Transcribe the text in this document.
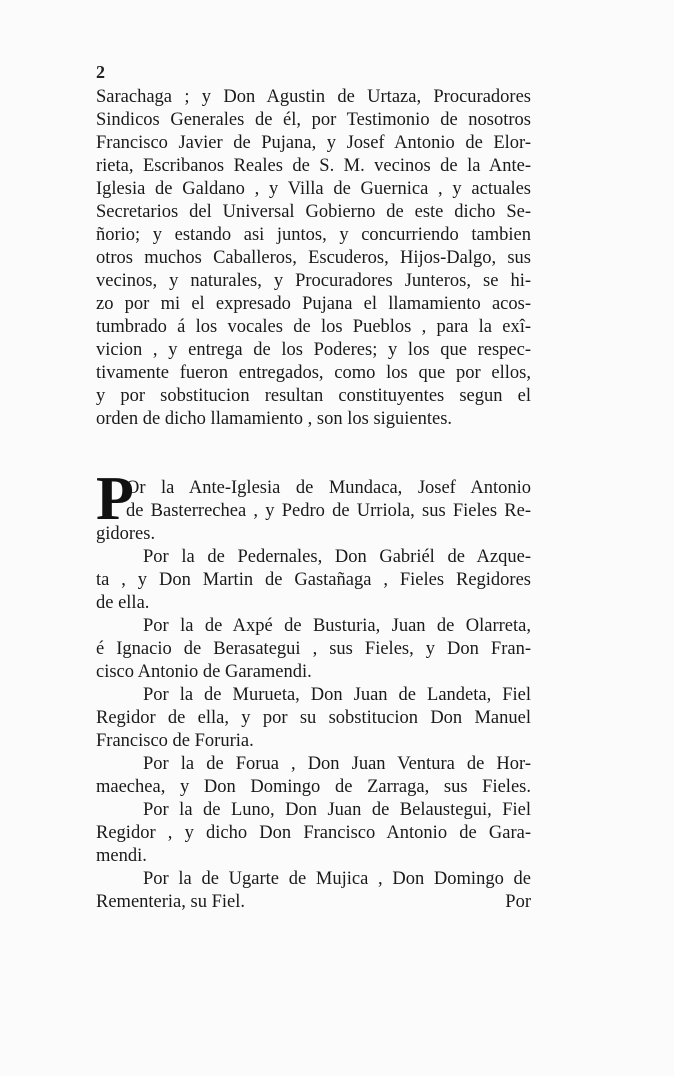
2
Sarachaga ; y Don Agustin de Urtaza, Procuradores
Sindicos Generales de él, por Testimonio de nosotros
Francisco Javier de Pujana, y Josef Antonio de Elor-
rieta, Escribanos Reales de S. M. vecinos de la Ante-
Iglesia de Galdano , y Villa de Guernica , y actuales
Secretarios del Universal Gobierno de este dicho Se-
ñorio; y estando asi juntos, y concurriendo tambien
otros muchos Caballeros, Escuderos, Hijos-Dalgo, sus
vecinos, y naturales, y Procuradores Junteros, se hi-
zo por mi el expresado Pujana el llamamiento acos-
tumbrado á los vocales de los Pueblos , para la exî-
vicion , y entrega de los Poderes; y los que respec-
tivamente fueron entregados, como los que por ellos,
y por sobstitucion resultan constituyentes segun el
orden de dicho llamamiento , son los siguientes.
P
Or la Ante-Iglesia de Mundaca, Josef Antonio
de Basterrechea , y Pedro de Urriola, sus Fieles Re-
gidores.
Por la de Pedernales, Don Gabriél de Azque-
ta , y Don Martin de Gastañaga , Fieles Regidores
de ella.
Por la de Axpé de Busturia, Juan de Olarreta,
é Ignacio de Berasategui , sus Fieles, y Don Fran-
cisco Antonio de Garamendi.
Por la de Murueta, Don Juan de Landeta, Fiel
Regidor de ella, y por su sobstitucion Don Manuel
Francisco de Foruria.
Por la de Forua , Don Juan Ventura de Hor-
maechea, y Don Domingo de Zarraga, sus Fieles.
Por la de Luno, Don Juan de Belaustegui, Fiel
Regidor , y dicho Don Francisco Antonio de Gara-
mendi.
Por la de Ugarte de Mujica , Don Domingo de
Rementeria, su Fiel.	Por
